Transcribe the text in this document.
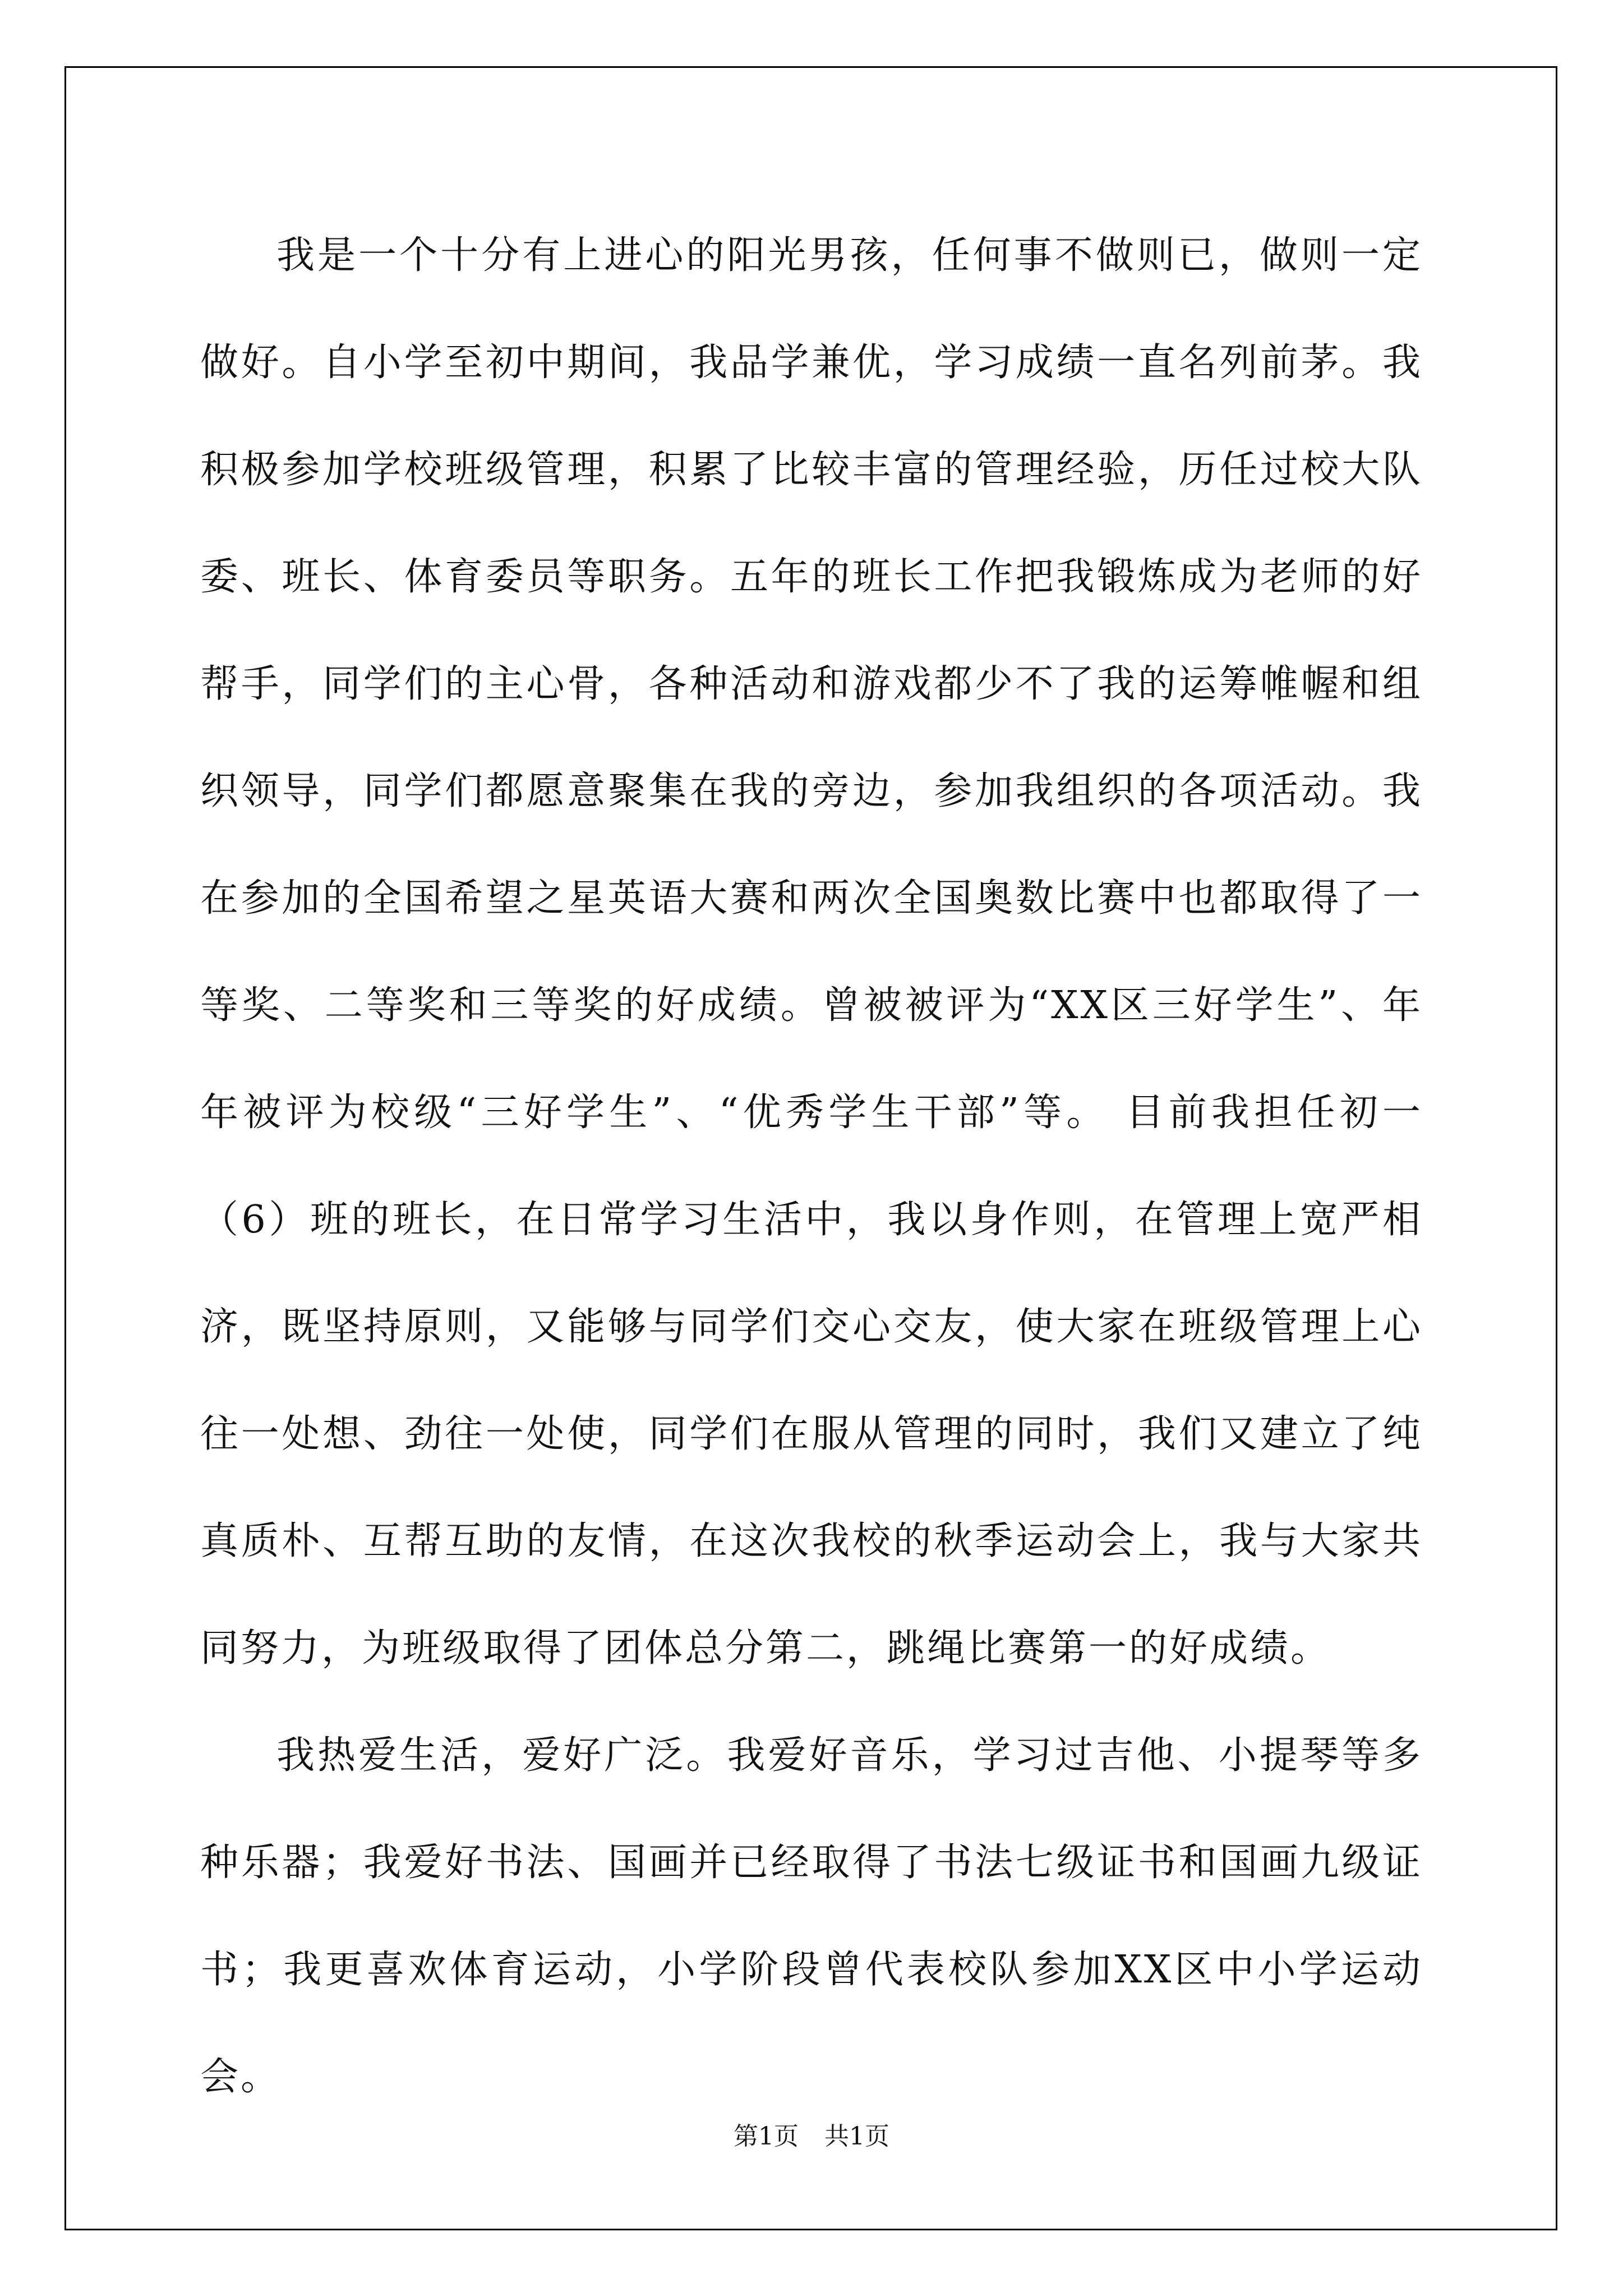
我是一个十分有上进心的阳光男孩，任何事不做则已，做则一定做好。自小学至初中期间，我品学兼优，学习成绩一直名列前茅。我积极参加学校班级管理，积累了比较丰富的管理经验，历任过校大队委、班长、体育委员等职务。五年的班长工作把我锻炼成为老师的好帮手，同学们的主心骨，各种活动和游戏都少不了我的运筹帷幄和组织领导，同学们都愿意聚集在我的旁边，参加我组织的各项活动。我在参加的全国希望之星英语大赛和两次全国奥数比赛中也都取得了一等奖、二等奖和三等奖的好成绩。曾被被评为“XX区三好学生”、年年被评为校级“三好学生”、“优秀学生干部”等。 目前我担任初一（6）班的班长，在日常学习生活中，我以身作则，在管理上宽严相济，既坚持原则，又能够与同学们交心交友，使大家在班级管理上心往一处想、劲往一处使，同学们在服从管理的同时，我们又建立了纯真质朴、互帮互助的友情，在这次我校的秋季运动会上，我与大家共同努力，为班级取得了团体总分第二，跳绳比赛第一的好成绩。

我热爱生活，爱好广泛。我爱好音乐，学习过吉他、小提琴等多种乐器；我爱好书法、国画并已经取得了书法七级证书和国画九级证书；我更喜欢体育运动，小学阶段曾代表校队参加XX区中小学运动会。

第1页 共1页
